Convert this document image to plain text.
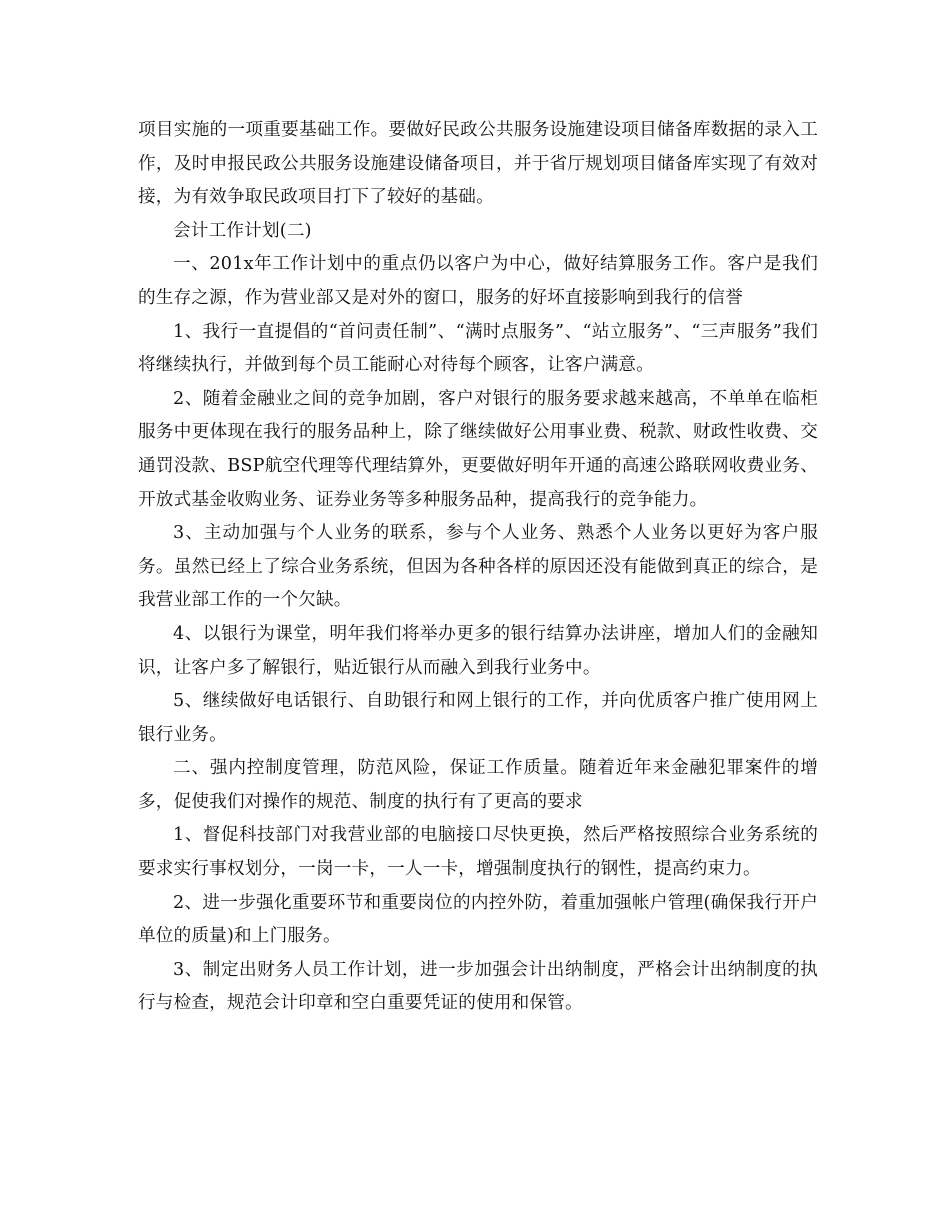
项目实施的一项重要基础工作。要做好民政公共服务设施建设项目储备库数据的录入工作，及时申报民政公共服务设施建设储备项目，并于省厅规划项目储备库实现了有效对接，为有效争取民政项目打下了较好的基础。

会计工作计划(二)

一、201x年工作计划中的重点仍以客户为中心，做好结算服务工作。客户是我们的生存之源，作为营业部又是对外的窗口，服务的好坏直接影响到我行的信誉

1、我行一直提倡的“首问责任制”、“满时点服务”、“站立服务”、“三声服务”我们将继续执行，并做到每个员工能耐心对待每个顾客，让客户满意。

2、随着金融业之间的竞争加剧，客户对银行的服务要求越来越高，不单单在临柜服务中更体现在我行的服务品种上，除了继续做好公用事业费、税款、财政性收费、交通罚没款、BSP航空代理等代理结算外，更要做好明年开通的高速公路联网收费业务、开放式基金收购业务、证券业务等多种服务品种，提高我行的竞争能力。

3、主动加强与个人业务的联系，参与个人业务、熟悉个人业务以更好为客户服务。虽然已经上了综合业务系统，但因为各种各样的原因还没有能做到真正的综合，是我营业部工作的一个欠缺。

4、以银行为课堂，明年我们将举办更多的银行结算办法讲座，增加人们的金融知识，让客户多了解银行，贴近银行从而融入到我行业务中。

5、继续做好电话银行、自助银行和网上银行的工作，并向优质客户推广使用网上银行业务。

二、强内控制度管理，防范风险，保证工作质量。随着近年来金融犯罪案件的增多，促使我们对操作的规范、制度的执行有了更高的要求

1、督促科技部门对我营业部的电脑接口尽快更换，然后严格按照综合业务系统的要求实行事权划分，一岗一卡，一人一卡，增强制度执行的钢性，提高约束力。

2、进一步强化重要环节和重要岗位的内控外防，着重加强帐户管理(确保我行开户单位的质量)和上门服务。

3、制定出财务人员工作计划，进一步加强会计出纳制度，严格会计出纳制度的执行与检查，规范会计印章和空白重要凭证的使用和保管。
